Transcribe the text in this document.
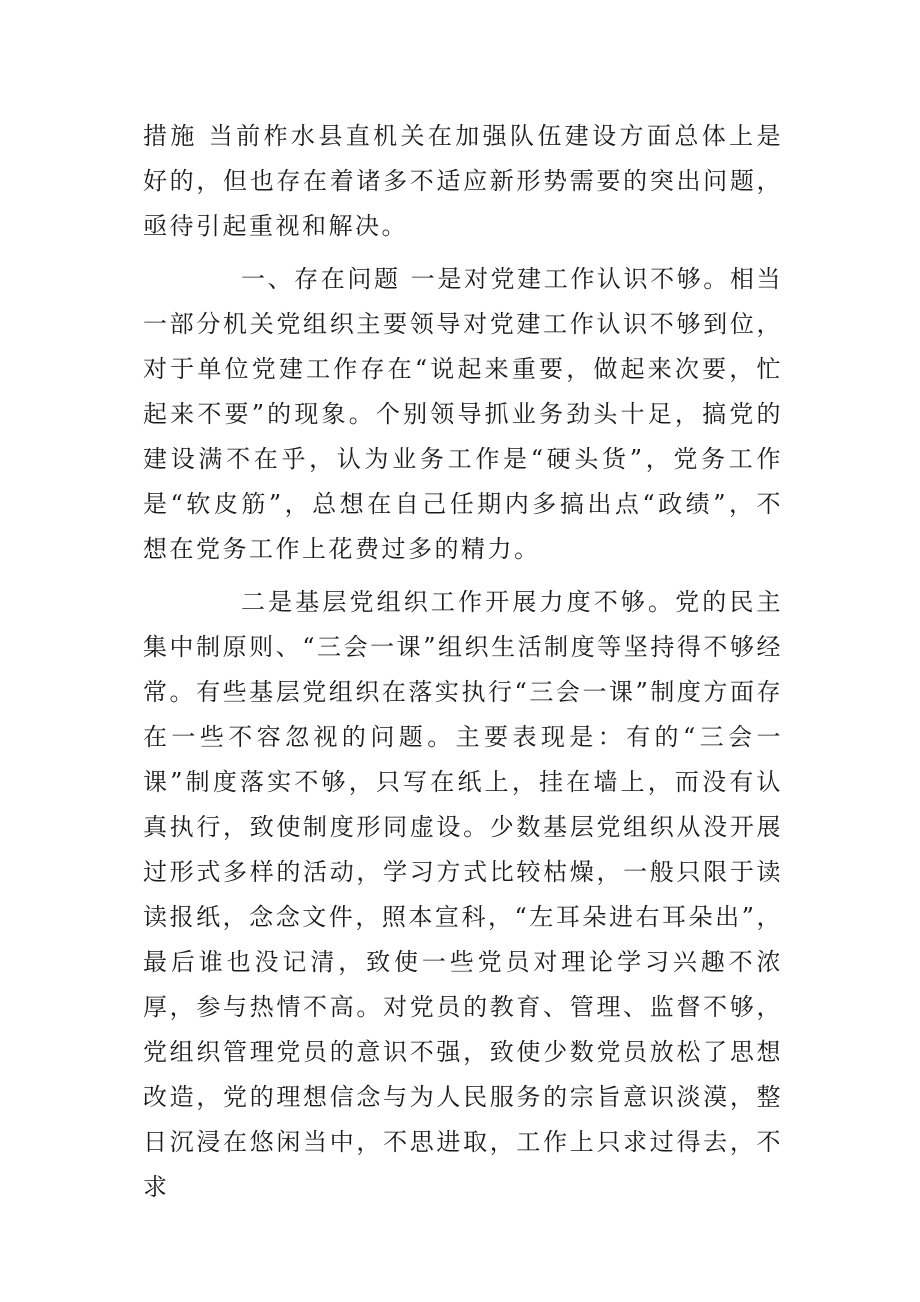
措施 当前柞水县直机关在加强队伍建设方面总体上是好的，但也存在着诸多不适应新形势需要的突出问题，亟待引起重视和解决。

一、存在问题 一是对党建工作认识不够。相当一部分机关党组织主要领导对党建工作认识不够到位，对于单位党建工作存在“说起来重要，做起来次要，忙起来不要”的现象。个别领导抓业务劲头十足，搞党的建设满不在乎，认为业务工作是“硬头货”，党务工作是“软皮筋”，总想在自己任期内多搞出点“政绩”，不想在党务工作上花费过多的精力。

二是基层党组织工作开展力度不够。党的民主集中制原则、“三会一课”组织生活制度等坚持得不够经常。有些基层党组织在落实执行“三会一课”制度方面存在一些不容忽视的问题。主要表现是：有的“三会一课”制度落实不够，只写在纸上，挂在墙上，而没有认真执行，致使制度形同虚设。少数基层党组织从没开展过形式多样的活动，学习方式比较枯燥，一般只限于读读报纸，念念文件，照本宣科，“左耳朵进右耳朵出”，最后谁也没记清，致使一些党员对理论学习兴趣不浓厚，参与热情不高。对党员的教育、管理、监督不够，党组织管理党员的意识不强，致使少数党员放松了思想改造，党的理想信念与为人民服务的宗旨意识淡漠，整日沉浸在悠闲当中，不思进取，工作上只求过得去，不求
